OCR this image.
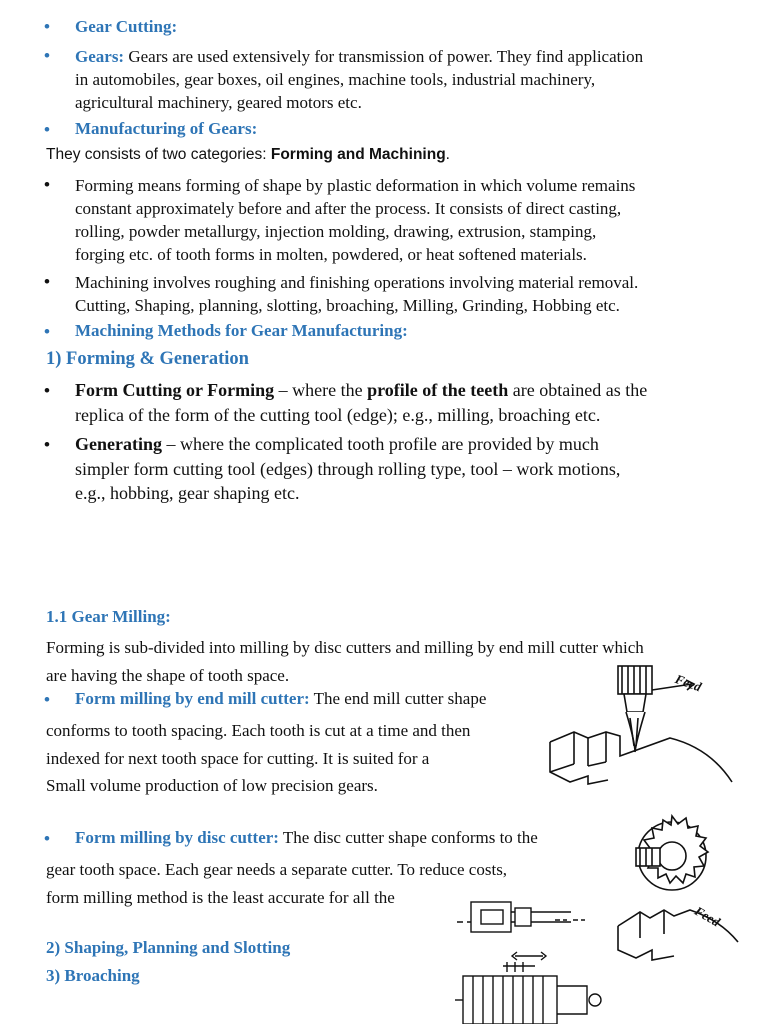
• Gear Cutting:
• Gears: Gears are used extensively for transmission of power. They find application
in automobiles, gear boxes, oil engines, machine tools, industrial machinery,
agricultural machinery, geared motors etc.
• Manufacturing of Gears:
They consists of two categories: Forming and Machining.
• Forming means forming of shape by plastic deformation in which volume remains
constant approximately before and after the process. It consists of direct casting,
rolling, powder metallurgy, injection molding, drawing, extrusion, stamping,
forging etc. of tooth forms in molten, powdered, or heat softened materials.
• Machining involves roughing and finishing operations involving material removal.
Cutting, Shaping, planning, slotting, broaching, Milling, Grinding, Hobbing etc.
• Machining Methods for Gear Manufacturing:
1) Forming & Generation
• Form Cutting or Forming – where the profile of the teeth are obtained as the
replica of the form of the cutting tool (edge); e.g., milling, broaching etc.
• Generating – where the complicated tooth profile are provided by much
simpler form cutting tool (edges) through rolling type, tool – work motions,
e.g., hobbing, gear shaping etc.
1.1 Gear Milling:
Forming is sub-divided into milling by disc cutters and milling by end mill cutter which
are having the shape of tooth space.
• Form milling by end mill cutter: The end mill cutter shape
conforms to tooth spacing. Each tooth is cut at a time and then
indexed for next tooth space for cutting. It is suited for a
Small volume production of low precision gears.
• Form milling by disc cutter: The disc cutter shape conforms to the
gear tooth space. Each gear needs a separate cutter. To reduce costs,
form milling method is the least accurate for all the
2) Shaping, Planning and Slotting
3) Broaching
Feed
Feed
